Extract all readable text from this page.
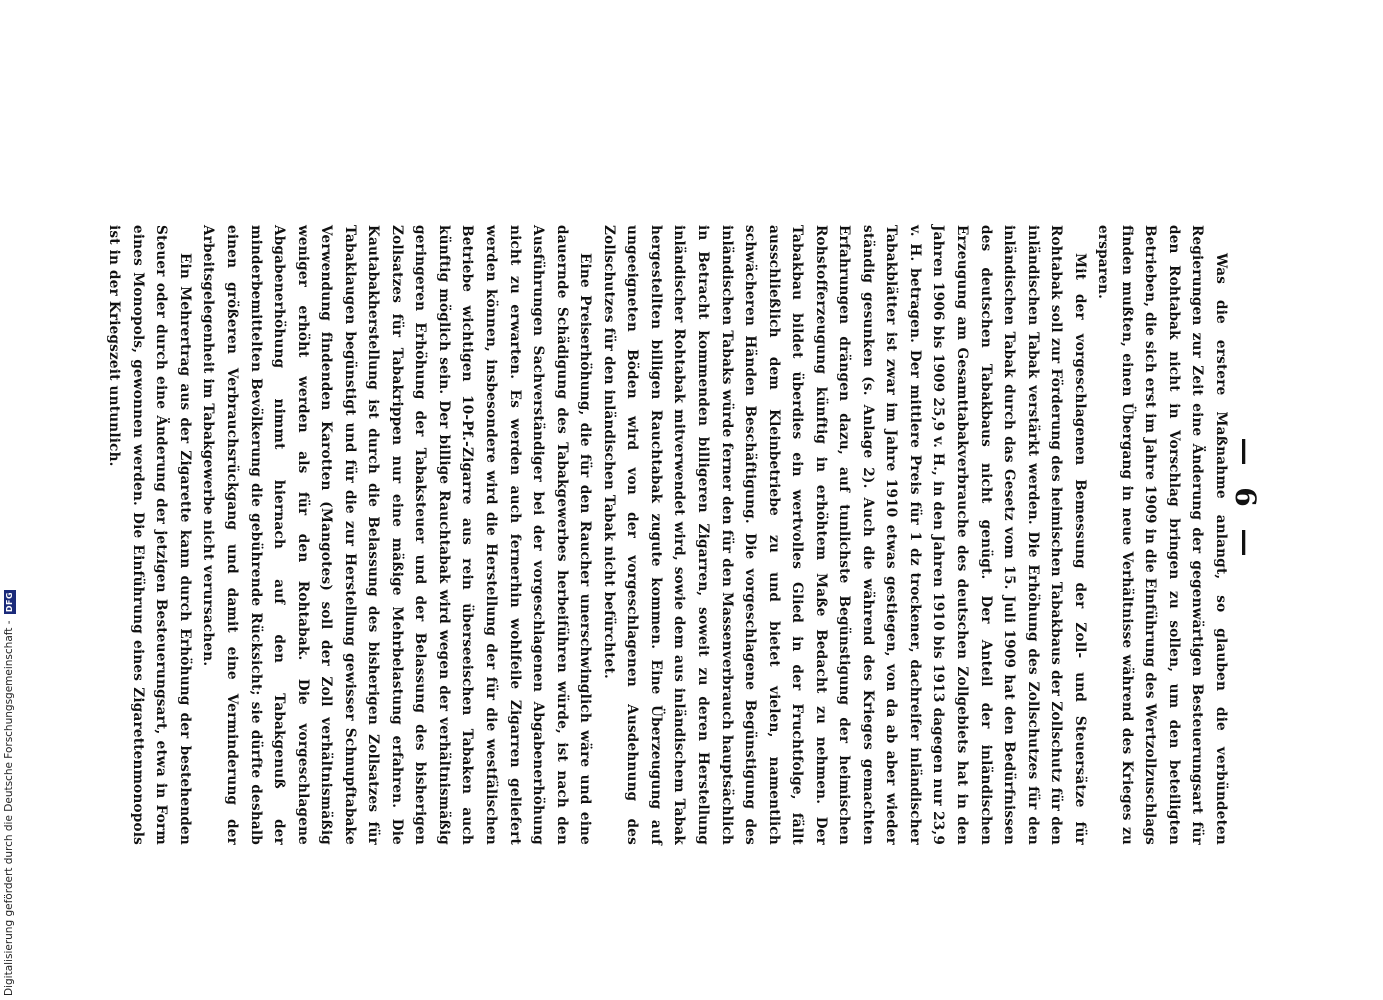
— 6 —

Was die erstere Maßnahme anlangt, so glauben die verbündeten Regierungen zur Zeit eine Änderung der gegenwärtigen Besteuerungsart für den Rohtabak nicht in Vorschlag bringen zu sollen, um den beteiligten Betrieben, die sich erst im Jahre 1909 in die Einführung des Wertzollzuschlags finden mußten, einen Übergang in neue Verhältnisse während des Krieges zu ersparen.

Mit der vorgeschlagenen Bemessung der Zoll- und Steuersätze für Rohtabak soll zur Förderung des heimischen Tabakbaus der Zollschutz für den inländischen Tabak verstärkt werden. Die Erhöhung des Zollschutzes für den inländischen Tabak durch das Gesetz vom 15. Juli 1909 hat den Bedürfnissen des deutschen Tabakbaus nicht genügt. Der Anteil der inländischen Erzeugung am Gesamttabakverbrauche des deutschen Zollgebiets hat in den Jahren 1906 bis 1909 25,9 v. H., in den Jahren 1910 bis 1913 dagegen nur 23,9 v. H. betragen. Der mittlere Preis für 1 dz trockener, dachreifer inländischer Tabakblätter ist zwar im Jahre 1910 etwas gestiegen, von da ab aber wieder ständig gesunken (s. Anlage 2). Auch die während des Krieges gemachten Erfahrungen drängen dazu, auf tunlichste Begünstigung der heimischen Rohstofferzeugung künftig in erhöhtem Maße Bedacht zu nehmen. Der Tabakbau bildet überdies ein wertvolles Glied in der Fruchtfolge, fällt ausschließlich dem Kleinbetriebe zu und bietet vielen, namentlich schwächeren Händen Beschäftigung. Die vorgeschlagene Begünstigung des inländischen Tabaks würde ferner den für den Massenverbrauch hauptsächlich in Betracht kommenden billigeren Zigarren, soweit zu deren Herstellung inländischer Rohtabak mitverwendet wird, sowie dem aus inländischem Tabak hergestellten billigen Rauchtabak zugute kommen. Eine Überzeugung auf ungeeigneten Böden wird von der vorgeschlagenen Ausdehnung des Zollschutzes für den inländischen Tabak nicht befürchtet.

Eine Preiserhöhung, die für den Raucher unerschwinglich wäre und eine dauernde Schädigung des Tabakgewerbes herbeiführen würde, ist nach den Ausführungen Sachverständiger bei der vorgeschlagenen Abgabenerhöhung nicht zu erwarten. Es werden auch fernerhin wohlfeile Zigarren geliefert werden können, insbesondere wird die Herstellung der für die westfälischen Betriebe wichtigen 10-Pf.-Zigarre aus rein überseeischen Tabaken auch künftig möglich sein. Der billige Rauchtabak wird wegen der verhältnismäßig geringeren Erhöhung der Tabaksteuer und der Belassung des bisherigen Zollsatzes für Tabakrippen nur eine mäßige Mehrbelastung erfahren. Die Kautabakherstellung ist durch die Belassung des bisherigen Zollsatzes für Tabaklaugen begünstigt und für die zur Herstellung gewisser Schnupftabake Verwendung findenden Karotten (Mangotes) soll der Zoll verhältnismäßig weniger erhöht werden als für den Rohtabak. Die vorgeschlagene Abgabenerhöhung nimmt hiernach auf den Tabakgenuß der minderbemittelten Bevölkerung die gebührende Rücksicht; sie dürfte deshalb einen größeren Verbrauchsrückgang und damit eine Verminderung der Arbeitsgelegenheit im Tabakgewerbe nicht verursachen.

Ein Mehrertrag aus der Zigarette kann durch Erhöhung der bestehenden Steuer oder durch eine Änderung der jetzigen Besteuerungsart, etwa in Form eines Monopols, gewonnen werden. Die Einführung eines Zigarettenmonopols ist in der Kriegszeit untunlich.

Digitalisierung gefördert durch die Deutsche Forschungsgemeinschaft - DFG
